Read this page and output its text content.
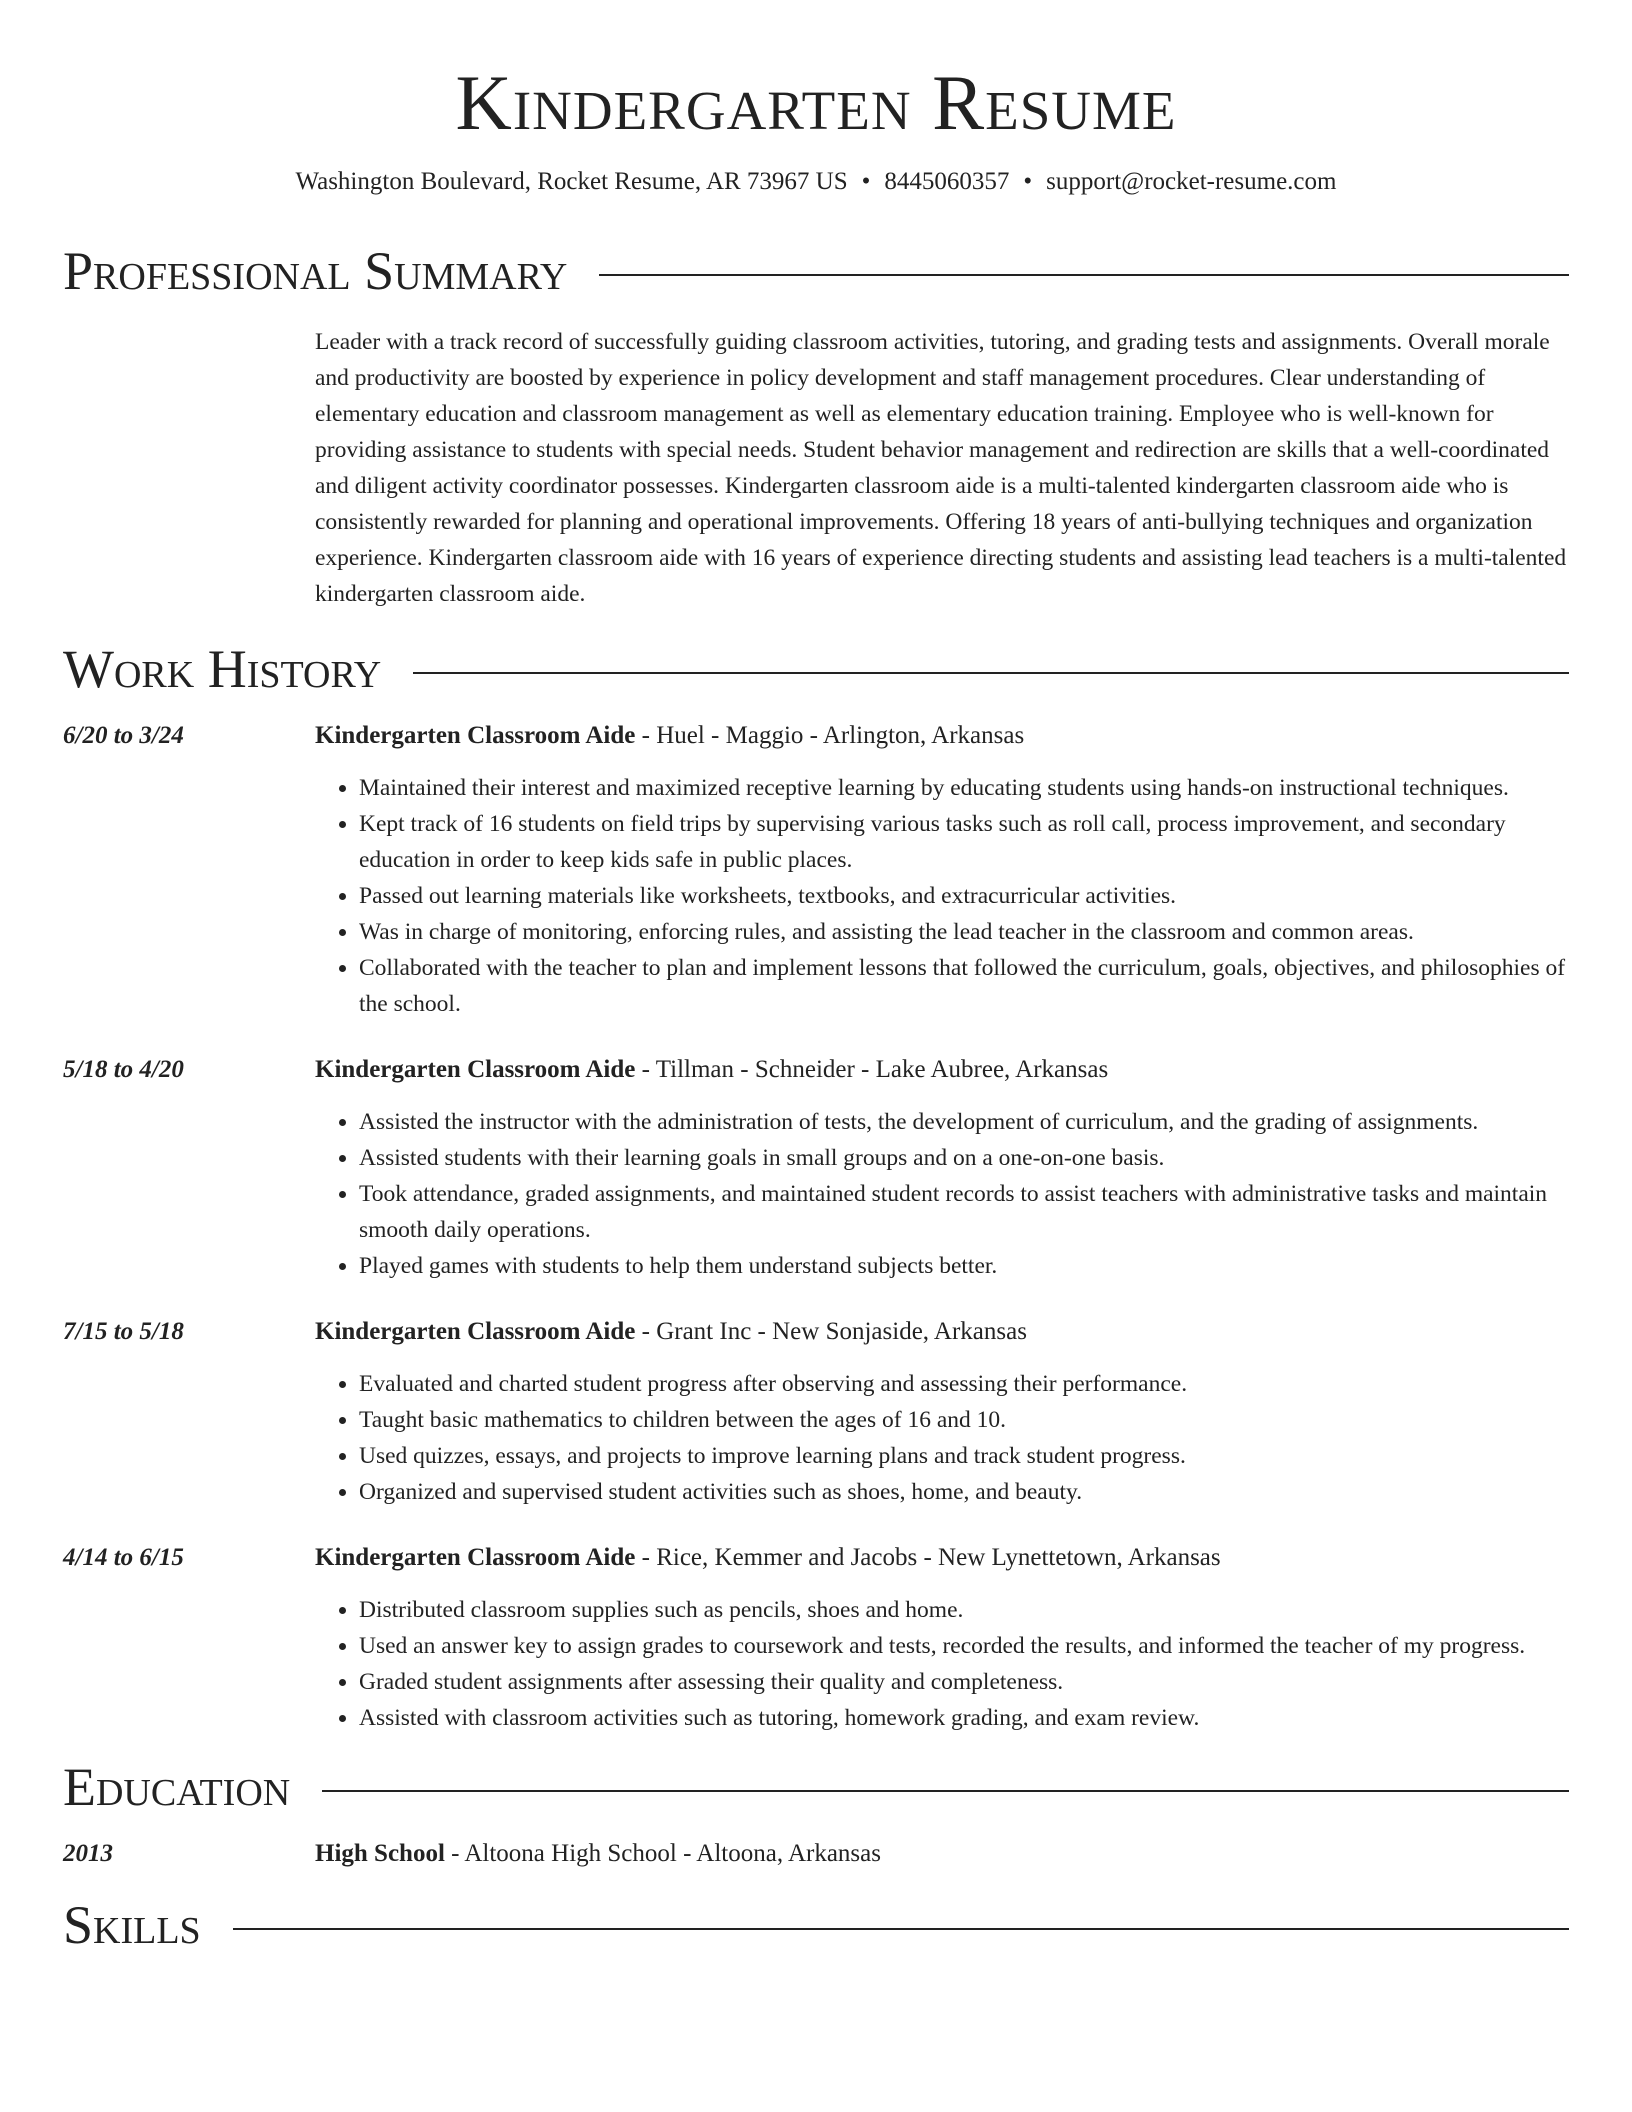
Kindergarten Resume
Washington Boulevard, Rocket Resume, AR 73967 US • 8445060357 • support@rocket-resume.com
Professional Summary
Leader with a track record of successfully guiding classroom activities, tutoring, and grading tests and assignments. Overall morale and productivity are boosted by experience in policy development and staff management procedures. Clear understanding of elementary education and classroom management as well as elementary education training. Employee who is well-known for providing assistance to students with special needs. Student behavior management and redirection are skills that a well-coordinated and diligent activity coordinator possesses. Kindergarten classroom aide is a multi-talented kindergarten classroom aide who is consistently rewarded for planning and operational improvements. Offering 18 years of anti-bullying techniques and organization experience. Kindergarten classroom aide with 16 years of experience directing students and assisting lead teachers is a multi-talented kindergarten classroom aide.
Work History
6/20 to 3/24	Kindergarten Classroom Aide - Huel - Maggio - Arlington, Arkansas
• Maintained their interest and maximized receptive learning by educating students using hands-on instructional techniques.
• Kept track of 16 students on field trips by supervising various tasks such as roll call, process improvement, and secondary education in order to keep kids safe in public places.
• Passed out learning materials like worksheets, textbooks, and extracurricular activities.
• Was in charge of monitoring, enforcing rules, and assisting the lead teacher in the classroom and common areas.
• Collaborated with the teacher to plan and implement lessons that followed the curriculum, goals, objectives, and philosophies of the school.
5/18 to 4/20	Kindergarten Classroom Aide - Tillman - Schneider - Lake Aubree, Arkansas
• Assisted the instructor with the administration of tests, the development of curriculum, and the grading of assignments.
• Assisted students with their learning goals in small groups and on a one-on-one basis.
• Took attendance, graded assignments, and maintained student records to assist teachers with administrative tasks and maintain smooth daily operations.
• Played games with students to help them understand subjects better.
7/15 to 5/18	Kindergarten Classroom Aide - Grant Inc - New Sonjaside, Arkansas
• Evaluated and charted student progress after observing and assessing their performance.
• Taught basic mathematics to children between the ages of 16 and 10.
• Used quizzes, essays, and projects to improve learning plans and track student progress.
• Organized and supervised student activities such as shoes, home, and beauty.
4/14 to 6/15	Kindergarten Classroom Aide - Rice, Kemmer and Jacobs - New Lynettetown, Arkansas
• Distributed classroom supplies such as pencils, shoes and home.
• Used an answer key to assign grades to coursework and tests, recorded the results, and informed the teacher of my progress.
• Graded student assignments after assessing their quality and completeness.
• Assisted with classroom activities such as tutoring, homework grading, and exam review.
Education
2013	High School - Altoona High School - Altoona, Arkansas
Skills
